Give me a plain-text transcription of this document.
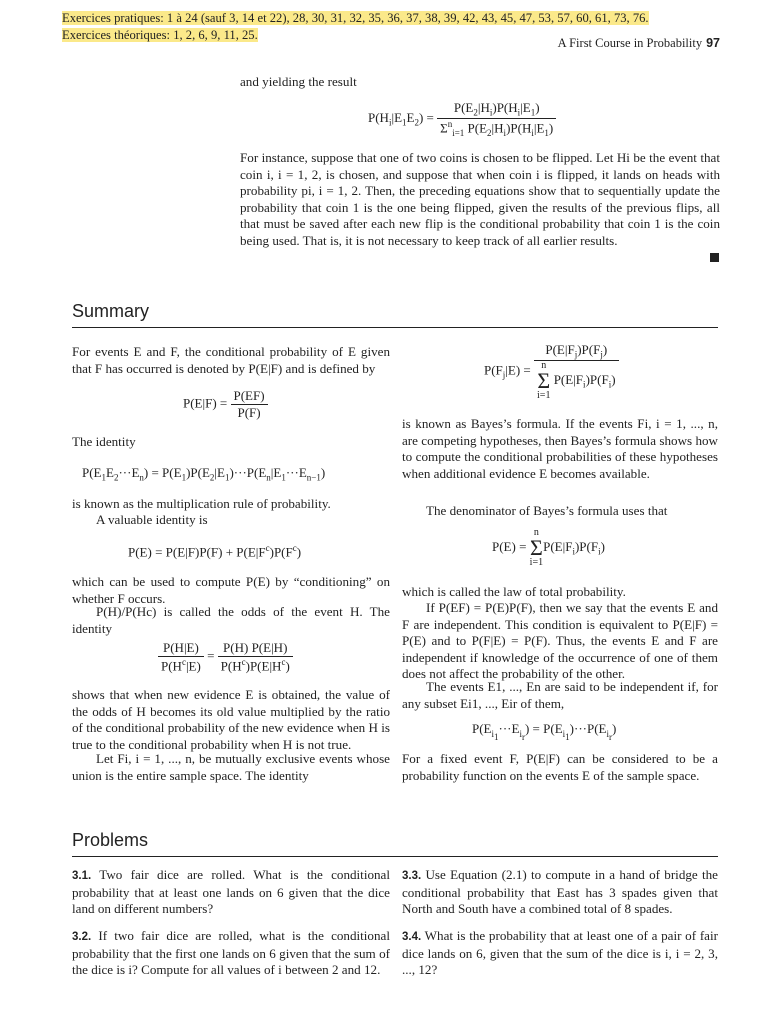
Exercices pratiques: 1 à 24 (sauf 3, 14 et 22), 28, 30, 31, 32, 35, 36, 37, 38, 39, 42, 43, 45, 47, 53, 57, 60, 61, 73, 76.
Exercices théoriques: 1, 2, 6, 9, 11, 25.
A First Course in Probability 97
and yielding the result
$P(H_i|E_1E_2) = \frac{P(E_2|H_i)P(H_i|E_1)}{\Sigma^n_{i=1} P(E_2|H_i)P(H_i|E_1)}$
For instance, suppose that one of two coins is chosen to be flipped. Let Hi be the event that coin i, i = 1, 2, is chosen, and suppose that when coin i is flipped, it lands on heads with probability pi, i = 1, 2. Then, the preceding equations show that to sequentially update the probability that coin 1 is the one being flipped, given the results of the previous flips, all that must be saved after each new flip is the conditional probability that coin 1 is the coin being used. That is, it is not necessary to keep track of all earlier results.
Summary
For events E and F, the conditional probability of E given that F has occurred is denoted by P(E|F) and is defined by
$P(E|F) = \frac{P(EF)}{P(F)}$
The identity
$P(E_1E_2\cdot\cdot\cdot E_n) = P(E_1)P(E_2|E_1)\cdot\cdot\cdot P(E_n|E_1\cdot\cdot\cdot E_{n-1})$
is known as the multiplication rule of probability.
A valuable identity is
$P(E) = P(E|F)P(F) + P(E|F^c)P(F^c)$
which can be used to compute P(E) by “conditioning” on whether F occurs.
P(H)/P(Hc) is called the odds of the event H. The identity
$\frac{P(H|E)}{P(H^c|E)} = \frac{P(H) P(E|H)}{P(H^c)P(E|H^c)}$
shows that when new evidence E is obtained, the value of the odds of H becomes its old value multiplied by the ratio of the conditional probability of the new evidence when H is true to the conditional probability when H is not true.
Let Fi, i = 1, ..., n, be mutually exclusive events whose union is the entire sample space. The identity
$P(F_j|E) = P(E|F_j)P(F_j)$
n
Σ
i=1 $P(E|F_i)P(F_i)$
is known as Bayes’s formula. If the events Fi, i = 1, ..., n, are competing hypotheses, then Bayes’s formula shows how to compute the conditional probabilities of these hypotheses when additional evidence E becomes available.
The denominator of Bayes’s formula uses that
P(E) = n
Σ
$i=1P(E|F_i)P(F_i)$
which is called the law of total probability.
If P(EF) = P(E)P(F), then we say that the events E and F are independent. This condition is equivalent to P(E|F) = P(E) and to P(F|E) = P(F). Thus, the events E and F are independent if knowledge of the occurrence of one of them does not affect the probability of the other.
The events E1, ..., En are said to be independent if, for any subset Ei1, ..., Eir of them,
$P(E_{i_1}\cdot\cdot\cdot E_{i_r}) = P(E_{i_1})\cdot\cdot\cdot P(E_{i_r})$
For a fixed event F, P(E|F) can be considered to be a probability function on the events E of the sample space.
Problems
3.1. Two fair dice are rolled. What is the conditional probability that at least one lands on 6 given that the dice land on different numbers?
3.2. If two fair dice are rolled, what is the conditional probability that the first one lands on 6 given that the sum of the dice is i? Compute for all values of i between 2 and 12.
3.3. Use Equation (2.1) to compute in a hand of bridge the conditional probability that East has 3 spades given that North and South have a combined total of 8 spades.
3.4. What is the probability that at least one of a pair of fair dice lands on 6, given that the sum of the dice is i, i = 2, 3, ..., 12?
